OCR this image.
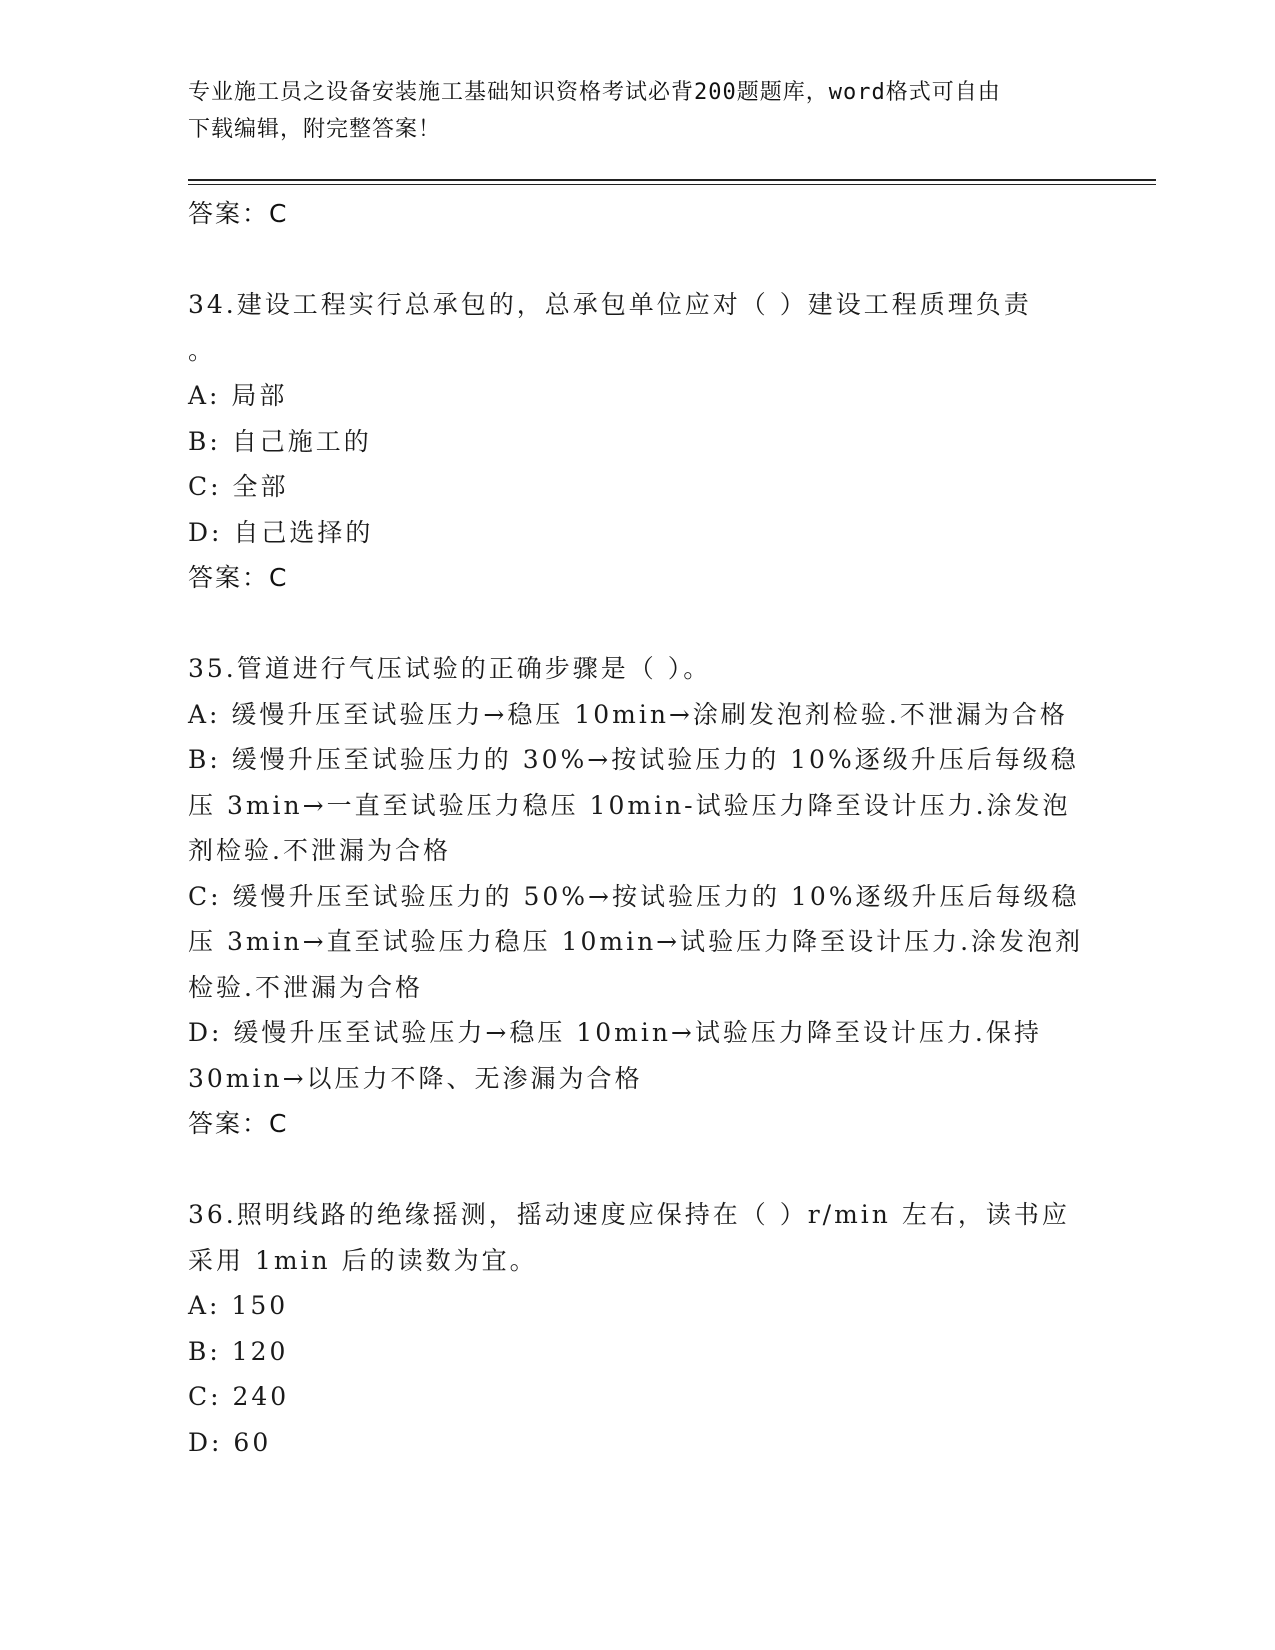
专业施工员之设备安装施工基础知识资格考试必背200题题库，word格式可自由
下载编辑，附完整答案！
答案：C
34.建设工程实行总承包的，总承包单位应对（ ）建设工程质理负责
。
A: 局部
B: 自己施工的
C: 全部
D: 自己选择的
答案：C
35.管道进行气压试验的正确步骤是（ ）。
A: 缓慢升压至试验压力→稳压 10min→涂刷发泡剂检验.不泄漏为合格
B: 缓慢升压至试验压力的 30%→按试验压力的 10%逐级升压后每级稳
压 3min→一直至试验压力稳压 10min-试验压力降至设计压力.涂发泡
剂检验.不泄漏为合格
C: 缓慢升压至试验压力的 50%→按试验压力的 10%逐级升压后每级稳
压 3min→直至试验压力稳压 10min→试验压力降至设计压力.涂发泡剂
检验.不泄漏为合格
D: 缓慢升压至试验压力→稳压 10min→试验压力降至设计压力.保持
30min→以压力不降、无渗漏为合格
答案：C
36.照明线路的绝缘摇测，摇动速度应保持在（ ）r/min 左右，读书应
采用 1min 后的读数为宜。
A: 150
B: 120
C: 240
D: 60
